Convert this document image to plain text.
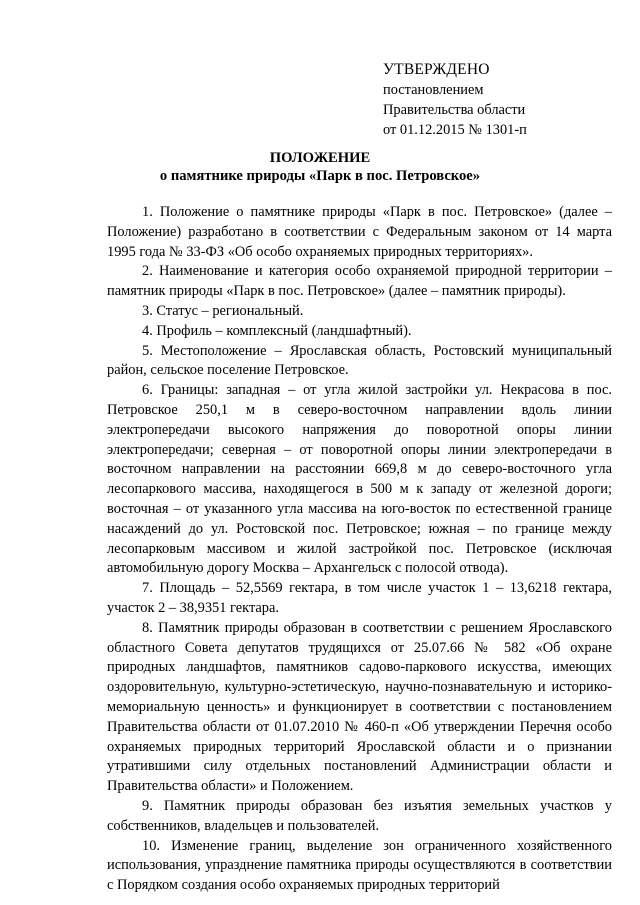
УТВЕРЖДЕНО
постановлением
Правительства области
от 01.12.2015 № 1301-п
ПОЛОЖЕНИЕ
о памятнике природы «Парк в пос. Петровское»

1. Положение о памятнике природы «Парк в пос. Петровское» (далее – Положение) разработано в соответствии с Федеральным законом от 14 марта 1995 года № 33-ФЗ «Об особо охраняемых природных территориях».

2. Наименование и категория особо охраняемой природной территории – памятник природы «Парк в пос. Петровское» (далее – памятник природы).

3. Статус – региональный.

4. Профиль – комплексный (ландшафтный).

5. Местоположение – Ярославская область, Ростовский муниципальный район, сельское поселение Петровское.

6. Границы: западная – от угла жилой застройки ул. Некрасова в пос. Петровское 250,1 м в северо-восточном направлении вдоль линии электропередачи высокого напряжения до поворотной опоры линии электропередачи; северная – от поворотной опоры линии электропередачи в восточном направлении на расстоянии 669,8 м до северо-восточного угла лесопаркового массива, находящегося в 500 м к западу от железной дороги; восточная – от указанного угла массива на юго-восток по естественной границе насаждений до ул. Ростовской пос. Петровское; южная – по границе между лесопарковым массивом и жилой застройкой пос. Петровское (исключая автомобильную дорогу Москва – Архангельск с полосой отвода).

7. Площадь – 52,5569 гектара, в том числе участок 1 – 13,6218 гектара, участок 2 – 38,9351 гектара.

8. Памятник природы образован в соответствии с решением Ярославского областного Совета депутатов трудящихся от 25.07.66 № 582 «Об охране природных ландшафтов, памятников садово-паркового искусства, имеющих оздоровительную, культурно-эстетическую, научно-познавательную и историко-мемориальную ценность» и функционирует в соответствии с постановлением Правительства области от 01.07.2010 № 460-п «Об утверждении Перечня особо охраняемых природных территорий Ярославской области и о признании утратившими силу отдельных постановлений Администрации области и Правительства области» и Положением.

9. Памятник природы образован без изъятия земельных участков у собственников, владельцев и пользователей.

10. Изменение границ, выделение зон ограниченного хозяйственного использования, упразднение памятника природы осуществляются в соответствии с Порядком создания особо охраняемых природных территорий
